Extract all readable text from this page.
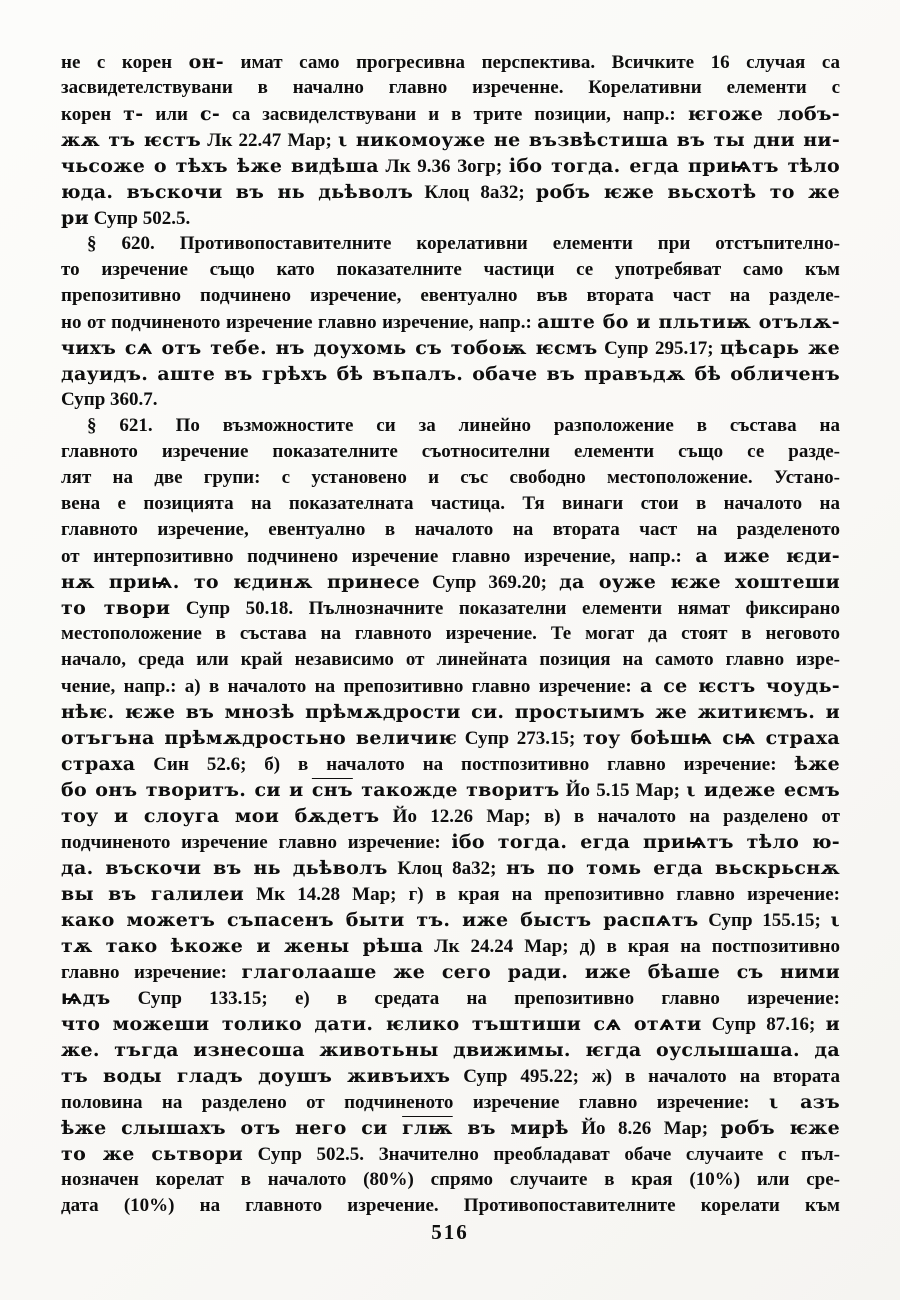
не с корен он- имат само прогресивна перспектива. Всичките 16 случая са
засвидетелствувани в начално главно изреченне. Корелативни елементи с
корен т- или с- са засвиделствувани и в трите позиции, напр.: ѥгоже лобъ-
жѫ тъ ѥстъ Лк 22.47 Мар; ι никомоуже не възвѣстиша въ ты дни ни-
чьсоже о тѣхъ ѣже видѣша Лк 9.36 Зогр; ібо тогда. егда приѩтъ тѣло
юда. въскочи въ нь дьѣволъ Клоц 8а32; робъ ѥже вьсхотѣ то же
ри Супр 502.5.
§ 620. Противопоставителните корелативни елементи при отстъпително-
то изречение също като показателните частици се употребяват само към
препозитивно подчинено изречение, евентуално във втората част на разделе-
но от подчиненото изречение главно изречение, напр.: аште бо и пльтиѭ отълѫ-
чихъ сѧ отъ тебе. нъ доухомь съ тобоѭ ѥсмъ Супр 295.17; цѣсарь же
дауидъ. аште въ грѣхъ бѣ въпалъ. обаче въ правъдѫ бѣ обличенъ
Супр 360.7.
§ 621. По възможностите си за линейно разположение в състава на
главното изречение показателните съотносителни елементи също се разде-
лят на две групи: с установено и със свободно местоположение. Устано-
вена е позицията на показателната частица. Тя винаги стои в началото на
главното изречение, евентуално в началото на втората част на разделеното
от интерпозитивно подчинено изречение главно изречение, напр.: а иже ѥди-
нѫ приѩ. то ѥдинѫ принесе Супр 369.20; да оуже ѥже хоштеши
то твори Супр 50.18. Пълнозначните показателни елементи нямат фиксирано
местоположение в състава на главното изречение. Те могат да стоят в неговото
начало, среда или край независимо от линейната позиция на самото главно изре-
чение, напр.: а) в началото на препозитивно главно изречение: а се ѥстъ чоудь-
нѣѥ. ѥже въ мнозѣ прѣмѫдрости си. простыимъ же житиѥмъ. и
отъгъна прѣмѫдростьно величиѥ Супр 273.15; тоу боѣшѩ сѩ страха
страха Син 52.6; б) в началото на постпозитивно главно изречение: ѣже
бо онъ творитъ. си и снъ такожде творитъ Йо 5.15 Мар; ι идеже есмъ
тоу и слоуга мои бѫдетъ Йо 12.26 Мар; в) в началото на разделено от
подчиненото изречение главно изречение: ібо тогда. егда приѩтъ тѣло ю-
да. въскочи въ нь дьѣволъ Клоц 8а32; нъ по томь егда вьскрьснѫ
вы въ галилеи Мк 14.28 Мар; г) в края на препозитивно главно изречение:
како можетъ съпасенъ быти тъ. иже быстъ распѧтъ Супр 155.15; ι
тѫ тако ѣкоже и жены рѣша Лк 24.24 Мар; д) в края на постпозитивно
главно изречение: глаголааше же сего ради. иже бѣаше съ ними
ѩдъ Супр 133.15; е) в средата на препозитивно главно изречение:
что можеши толико дати. ѥлико тъштиши сѧ отѧти Супр 87.16; и
же. тъгда изнесоша животьны движимы. ѥгда оуслышаша. да
тъ воды гладъ доушъ живъихъ Супр 495.22; ж) в началото на втората
половина на разделено от подчиненото изречение главно изречение: ι азъ
ѣже слышахъ отъ него си глѭ въ мирѣ Йо 8.26 Мар; робъ ѥже
то же сьтвори Супр 502.5. Значително преобладават обаче случаите с пъл-
нозначен корелат в началото (80%) спрямо случаите в края (10%) или сре-
дата (10%) на главното изречение. Противопоставителните корелати към
516
